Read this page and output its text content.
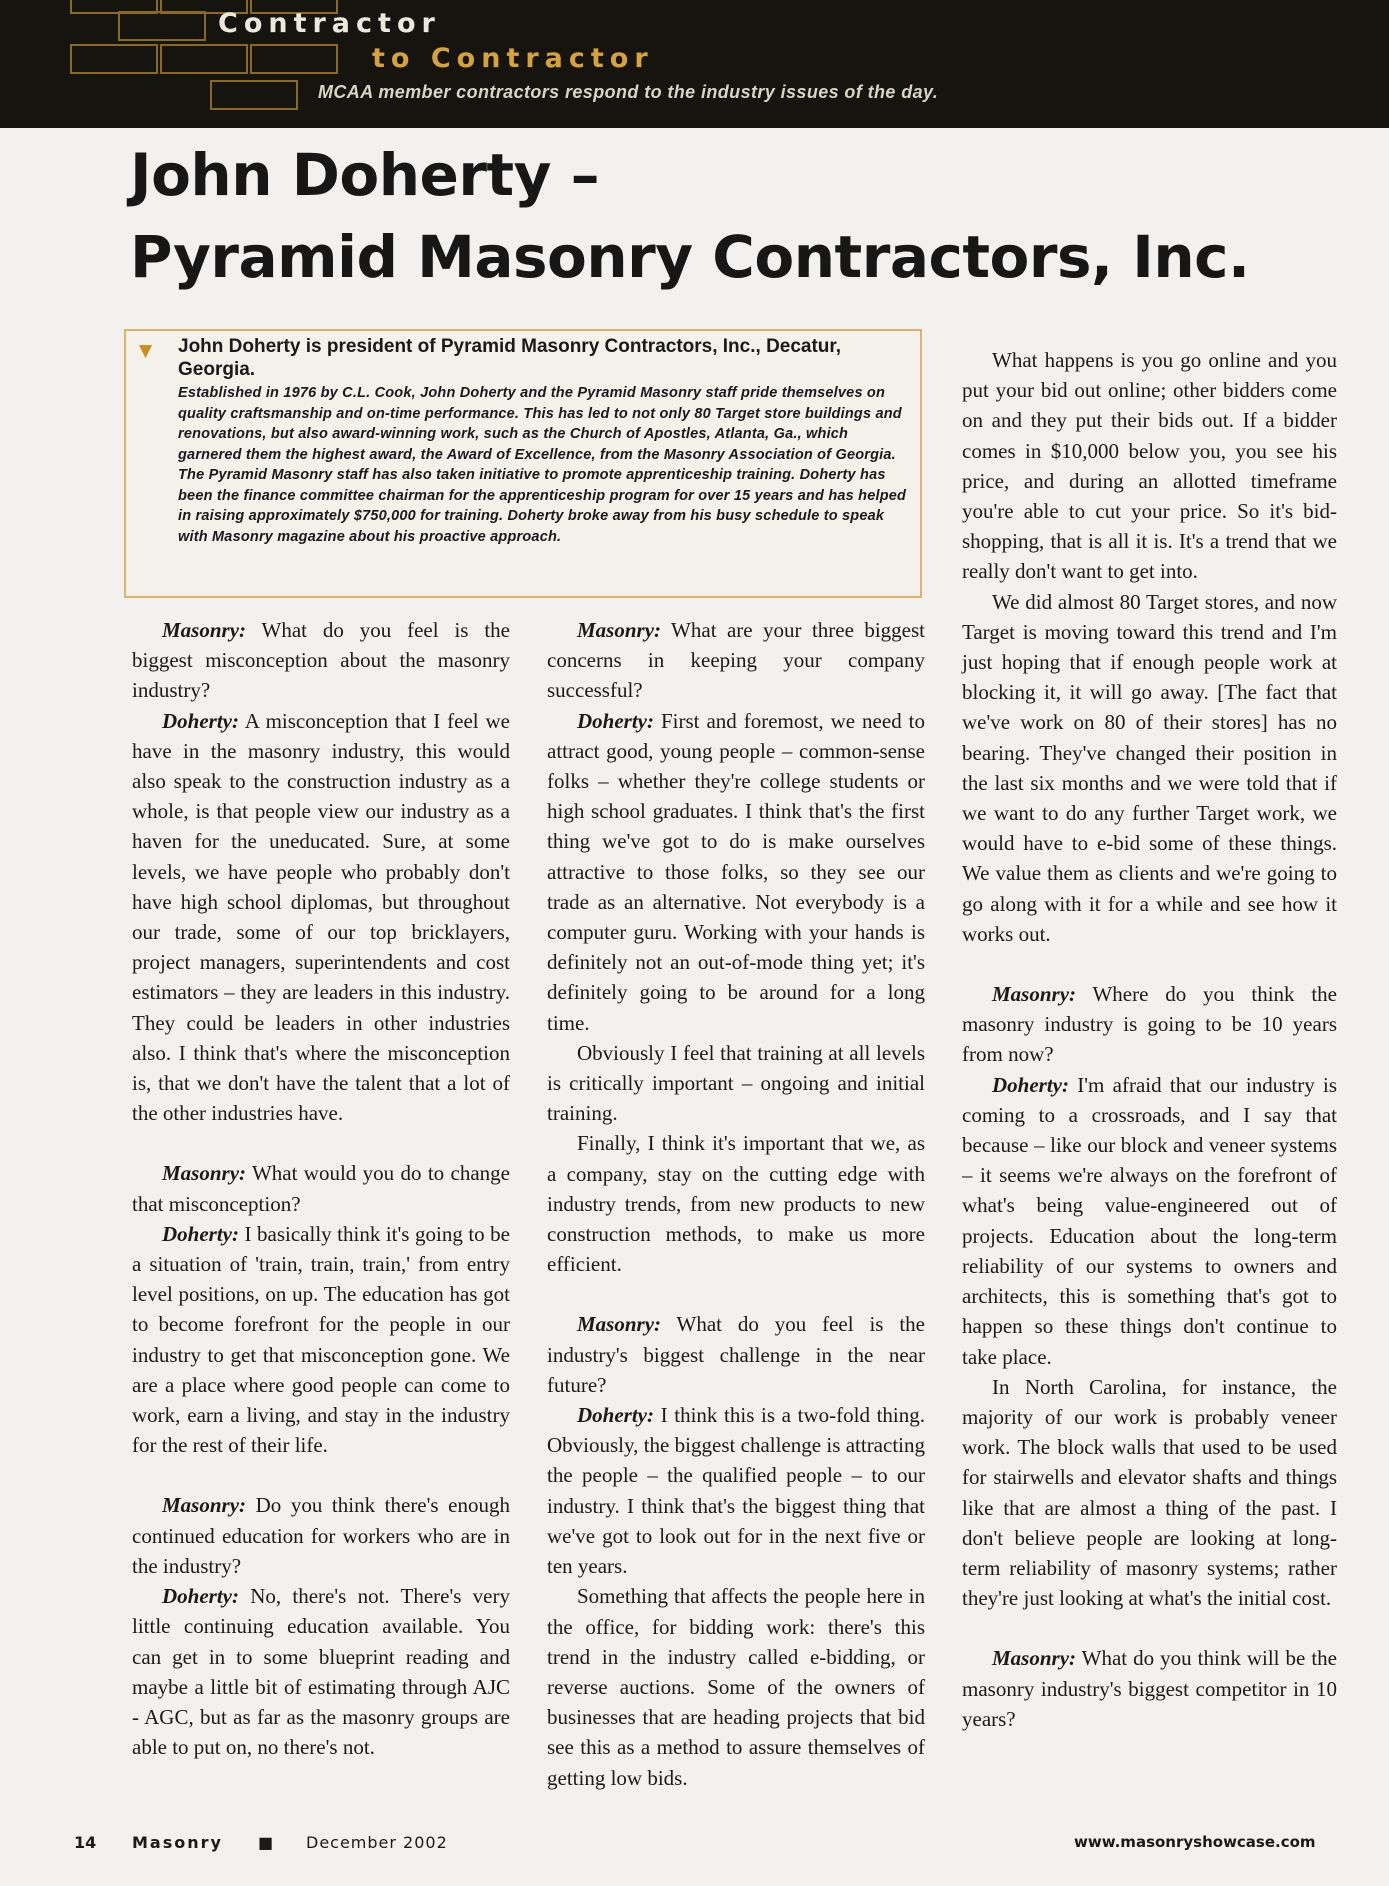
Contractor
to Contractor
MCAA member contractors respond to the industry issues of the day.
John Doherty –
Pyramid Masonry Contractors, Inc.
▼ John Doherty is president of Pyramid Masonry Contractors, Inc., Decatur, Georgia.

Established in 1976 by C.L. Cook, John Doherty and the Pyramid Masonry staff pride themselves on quality craftsmanship and on-time performance. This has led to not only 80 Target store buildings and renovations, but also award-winning work, such as the Church of Apostles, Atlanta, Ga., which garnered them the highest award, the Award of Excellence, from the Masonry Association of Georgia. The Pyramid Masonry staff has also taken initiative to promote apprenticeship training. Doherty has been the finance committee chairman for the apprenticeship program for over 15 years and has helped in raising approximately $750,000 for training. Doherty broke away from his busy schedule to speak with Masonry magazine about his proactive approach.

Masonry: What do you feel is the biggest misconception about the masonry industry?

Doherty: A misconception that I feel we have in the masonry industry, this would also speak to the construction industry as a whole, is that people view our industry as a haven for the uneducated. Sure, at some levels, we have people who probably don't have high school diplomas, but throughout our trade, some of our top bricklayers, project managers, superintendents and cost estimators – they are leaders in this industry. They could be leaders in other industries also. I think that's where the misconception is, that we don't have the talent that a lot of the other industries have.

Masonry: What would you do to change that misconception?

Doherty: I basically think it's going to be a situation of 'train, train, train,' from entry level positions, on up. The education has got to become forefront for the people in our industry to get that misconception gone. We are a place where good people can come to work, earn a living, and stay in the industry for the rest of their life.

Masonry: Do you think there's enough continued education for workers who are in the industry?

Doherty: No, there's not. There's very little continuing education available. You can get in to some blueprint reading and maybe a little bit of estimating through AJC - AGC, but as far as the masonry groups are able to put on, no there's not.

Masonry: What are your three biggest concerns in keeping your company successful?

Doherty: First and foremost, we need to attract good, young people – common-sense folks – whether they're college students or high school graduates. I think that's the first thing we've got to do is make ourselves attractive to those folks, so they see our trade as an alternative. Not everybody is a computer guru. Working with your hands is definitely not an out-of-mode thing yet; it's definitely going to be around for a long time.

Obviously I feel that training at all levels is critically important – ongoing and initial training.

Finally, I think it's important that we, as a company, stay on the cutting edge with industry trends, from new products to new construction methods, to make us more efficient.

Masonry: What do you feel is the industry's biggest challenge in the near future?

Doherty: I think this is a two-fold thing. Obviously, the biggest challenge is attracting the people – the qualified people – to our industry. I think that's the biggest thing that we've got to look out for in the next five or ten years.

Something that affects the people here in the office, for bidding work: there's this trend in the industry called e-bidding, or reverse auctions. Some of the owners of businesses that are heading projects that bid see this as a method to assure themselves of getting low bids.

What happens is you go online and you put your bid out online; other bidders come on and they put their bids out. If a bidder comes in $10,000 below you, you see his price, and during an allotted timeframe you're able to cut your price. So it's bid-shopping, that is all it is. It's a trend that we really don't want to get into.

We did almost 80 Target stores, and now Target is moving toward this trend and I'm just hoping that if enough people work at blocking it, it will go away. [The fact that we've work on 80 of their stores] has no bearing. They've changed their position in the last six months and we were told that if we want to do any further Target work, we would have to e-bid some of these things. We value them as clients and we're going to go along with it for a while and see how it works out.

Masonry: Where do you think the masonry industry is going to be 10 years from now?

Doherty: I'm afraid that our industry is coming to a crossroads, and I say that because – like our block and veneer systems – it seems we're always on the forefront of what's being value-engineered out of projects. Education about the long-term reliability of our systems to owners and architects, this is something that's got to happen so these things don't continue to take place.

In North Carolina, for instance, the majority of our work is probably veneer work. The block walls that used to be used for stairwells and elevator shafts and things like that are almost a thing of the past. I don't believe people are looking at long-term reliability of masonry systems; rather they're just looking at what's the initial cost.

Masonry: What do you think will be the masonry industry's biggest competitor in 10 years?

14 Masonry ■ December 2002	www.masonryshowcase.com
